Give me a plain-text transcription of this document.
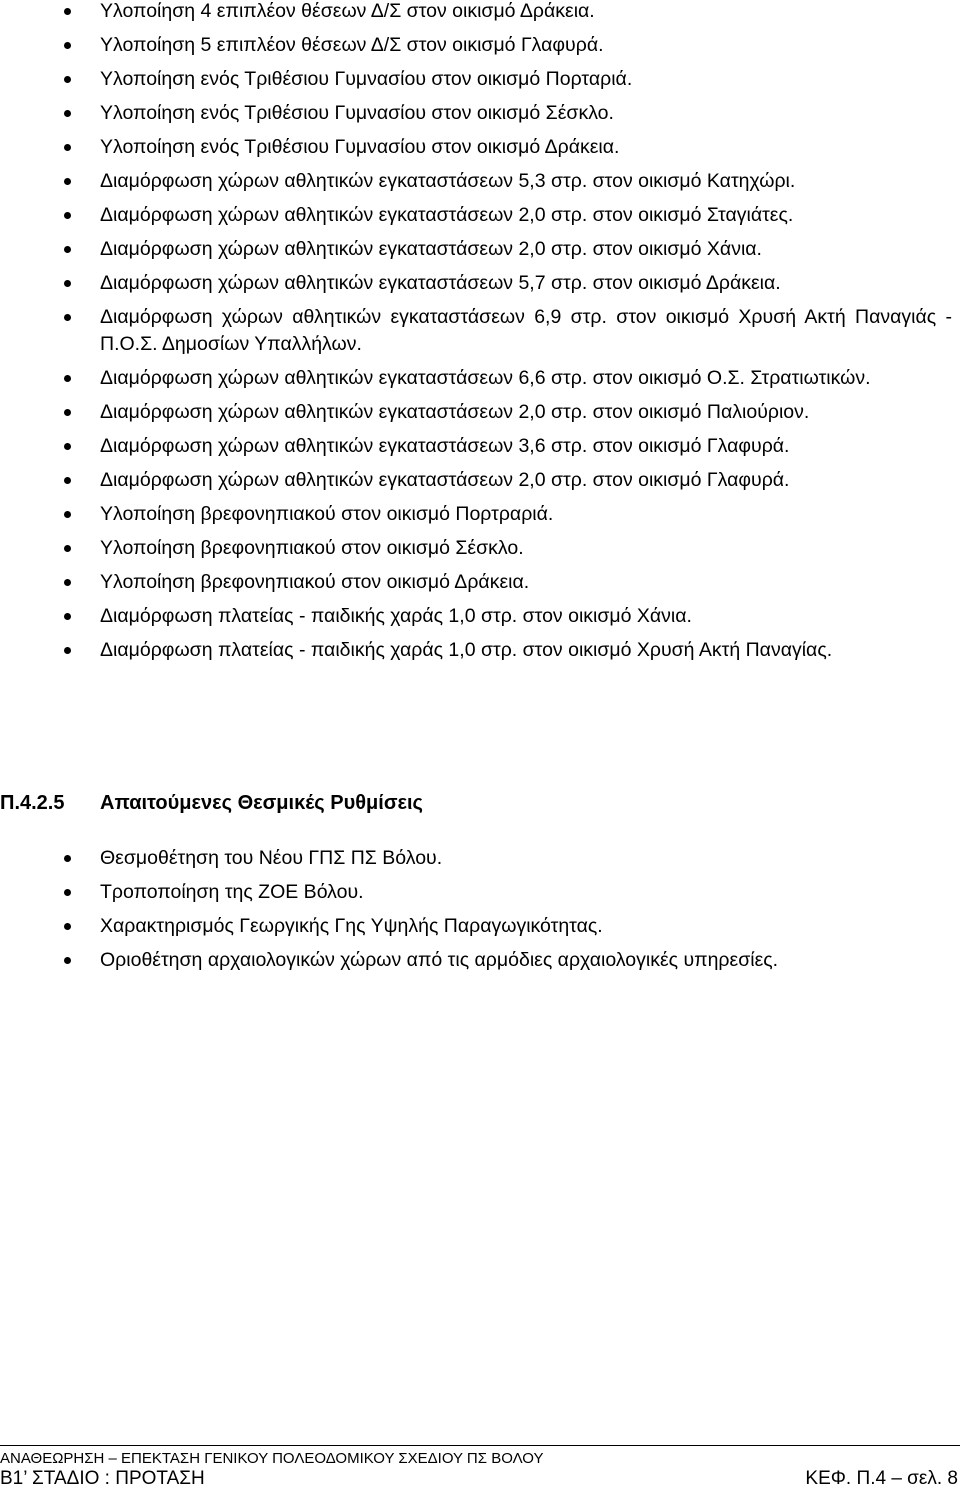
Υλοποίηση 4 επιπλέον θέσεων Δ/Σ στον οικισμό Δράκεια.
Υλοποίηση 5 επιπλέον θέσεων Δ/Σ στον οικισμό Γλαφυρά.
Υλοποίηση ενός Τριθέσιου Γυμνασίου στον οικισμό Πορταριά.
Υλοποίηση ενός Τριθέσιου Γυμνασίου στον οικισμό Σέσκλο.
Υλοποίηση ενός Τριθέσιου Γυμνασίου στον οικισμό Δράκεια.
Διαμόρφωση χώρων αθλητικών εγκαταστάσεων 5,3 στρ. στον οικισμό Κατηχώρι.
Διαμόρφωση χώρων αθλητικών εγκαταστάσεων 2,0 στρ. στον οικισμό Σταγιάτες.
Διαμόρφωση χώρων αθλητικών εγκαταστάσεων 2,0 στρ. στον οικισμό Χάνια.
Διαμόρφωση χώρων αθλητικών εγκαταστάσεων 5,7 στρ. στον οικισμό Δράκεια.
Διαμόρφωση χώρων αθλητικών εγκαταστάσεων 6,9 στρ. στον οικισμό Χρυσή Ακτή Παναγιάς - Π.Ο.Σ. Δημοσίων Υπαλλήλων.
Διαμόρφωση χώρων αθλητικών εγκαταστάσεων 6,6 στρ. στον οικισμό Ο.Σ. Στρατιωτικών.
Διαμόρφωση χώρων αθλητικών εγκαταστάσεων 2,0 στρ. στον οικισμό Παλιούριον.
Διαμόρφωση χώρων αθλητικών εγκαταστάσεων 3,6 στρ. στον οικισμό Γλαφυρά.
Διαμόρφωση χώρων αθλητικών εγκαταστάσεων 2,0 στρ. στον οικισμό Γλαφυρά.
Υλοποίηση βρεφονηπιακού στον οικισμό Πορτραριά.
Υλοποίηση βρεφονηπιακού στον οικισμό Σέσκλο.
Υλοποίηση βρεφονηπιακού στον οικισμό Δράκεια.
Διαμόρφωση πλατείας - παιδικής χαράς 1,0 στρ. στον οικισμό Χάνια.
Διαμόρφωση πλατείας - παιδικής χαράς 1,0 στρ. στον οικισμό Χρυσή Ακτή Παναγίας.
Π.4.2.5 Απαιτούμενες Θεσμικές Ρυθμίσεις
Θεσμοθέτηση του Νέου ΓΠΣ ΠΣ Βόλου.
Τροποποίηση της ΖΟΕ Βόλου.
Χαρακτηρισμός Γεωργικής Γης Υψηλής Παραγωγικότητας.
Οριοθέτηση αρχαιολογικών χώρων από τις αρμόδιες αρχαιολογικές υπηρεσίες.
ΑΝΑΘΕΩΡΗΣΗ – ΕΠΕΚΤΑΣΗ ΓΕΝΙΚΟΥ ΠΟΛΕΟΔΟΜΙΚΟΥ ΣΧΕΔΙΟΥ ΠΣ ΒΟΛΟΥ
Β1’ ΣΤΑΔΙΟ : ΠΡΟΤΑΣΗ	ΚΕΦ. Π.4 – σελ. 8
